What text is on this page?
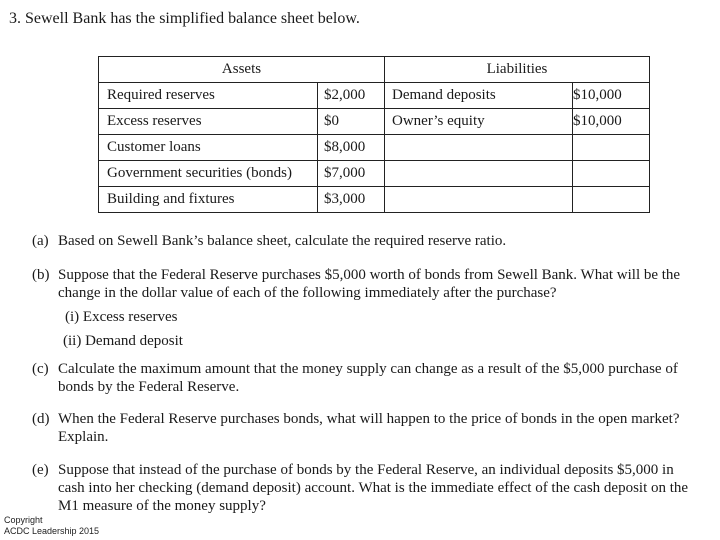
3. Sewell Bank has the simplified balance sheet below.
Assets		Liabilities	
Required reserves	$2,000	Demand deposits	$10,000
Excess reserves	$0	Owner’s equity	$10,000
Customer loans	$8,000		
Government securities (bonds)	$7,000		
Building and fixtures	$3,000		
(a) Based on Sewell Bank’s balance sheet, calculate the required reserve ratio.
(b) Suppose that the Federal Reserve purchases $5,000 worth of bonds from Sewell Bank. What will be the
change in the dollar value of each of the following immediately after the purchase?
(i) Excess reserves
(ii) Demand deposit
(c) Calculate the maximum amount that the money supply can change as a result of the $5,000 purchase of
bonds by the Federal Reserve.
(d) When the Federal Reserve purchases bonds, what will happen to the price of bonds in the open market?
Explain.
(e) Suppose that instead of the purchase of bonds by the Federal Reserve, an individual deposits $5,000 in
cash into her checking (demand deposit) account. What is the immediate effect of the cash deposit on the
M1 measure of the money supply?
Copyright
ACDC Leadership 2015
